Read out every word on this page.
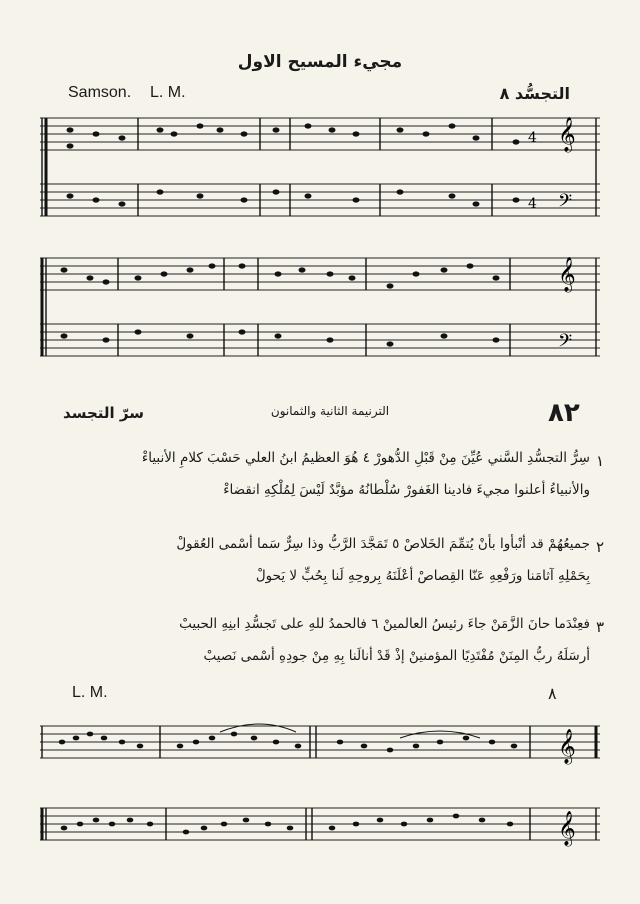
مجيء المسيح الاول
Samson. L. M.	التجسُّد ٨
4
4
𝄞
𝄢
𝄞
𝄢
٨٢
الترنيمة الثانية والثمانون
سرّ التجسد
١
سِرُّ التجسُّدِ السَّني عُيِّنَ مِنْ قَبْلِ الدُّهورْ ٤ هُوَ العظيمُ ابنُ العلي حَسْبَ كلامِ الأنبياءْ
والأنبياءُ أعلنوا مجيءَ فادينا الغَفورْ سُلْطانُهُ مؤبَّدٌ لَيْسَ لِمُلْكِهِ انقضاءْ
٢
جميعُهُمْ قد أنْبأوا بأنْ يُتمِّمَ الخَلاصْ ٥ تَمَجَّدَ الرَّبُّ وذا سِرٌّ سَما أسْمى العُقولْ
بِحَمْلِهِ آثامَنا ورَفْعِهِ عَنّا القِصاصْ أعْلَنَهُ بِروحِهِ لَنا بِحُبٍّ لا يَحولْ
٣
فعِنْدَما حانَ الزَّمَنْ جاءَ رئيسُ العالمينْ ٦ فالحمدُ للهِ على تَجسُّدِ ابنِهِ الحبيبْ
أرسَلَهُ ربُّ المِنَنْ مُفْتَدِيًا المؤمنينْ إذْ قَدْ أنالَنا بِهِ مِنْ جودِهِ أسْمى نَصيبْ
L. M.	٨
𝄞
𝄞
